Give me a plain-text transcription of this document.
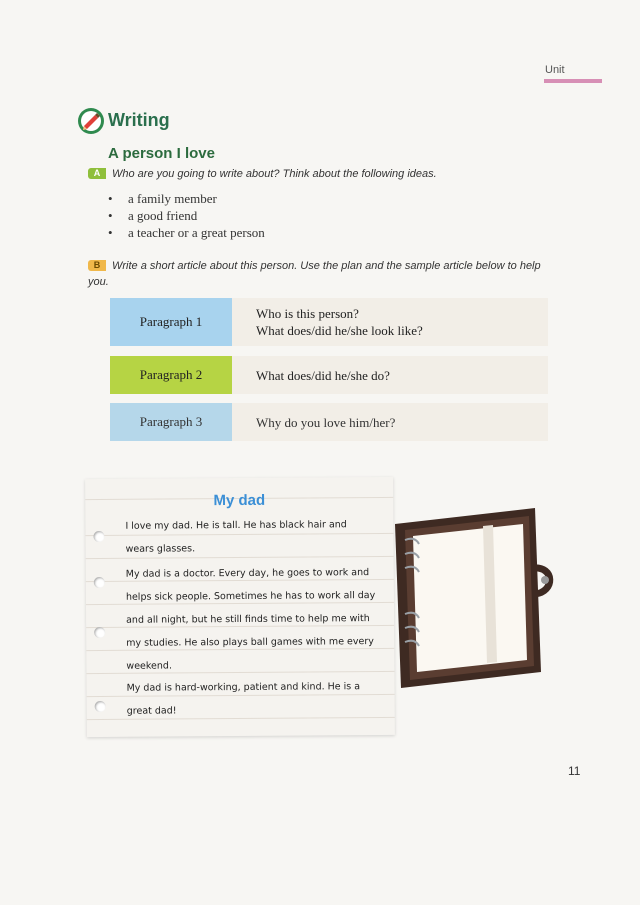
Unit
Writing
A person I love
A Who are you going to write about? Think about the following ideas.
• a family member
• a good friend
• a teacher or a great person
B Write a short article about this person. Use the plan and the sample article below to help you.
Paragraph 1
Who is this person?
What does/did he/she look like?
Paragraph 2	What does/did he/she do?
Paragraph 3	Why do you love him/her?
My dad

I love my dad. He is tall. He has black hair and wears glasses.

My dad is a doctor. Every day, he goes to work and helps sick people. Sometimes he has to work all day and all night, but he still finds time to help me with my studies. He also plays ball games with me every weekend.

My dad is hard-working, patient and kind. He is a great dad!

11
